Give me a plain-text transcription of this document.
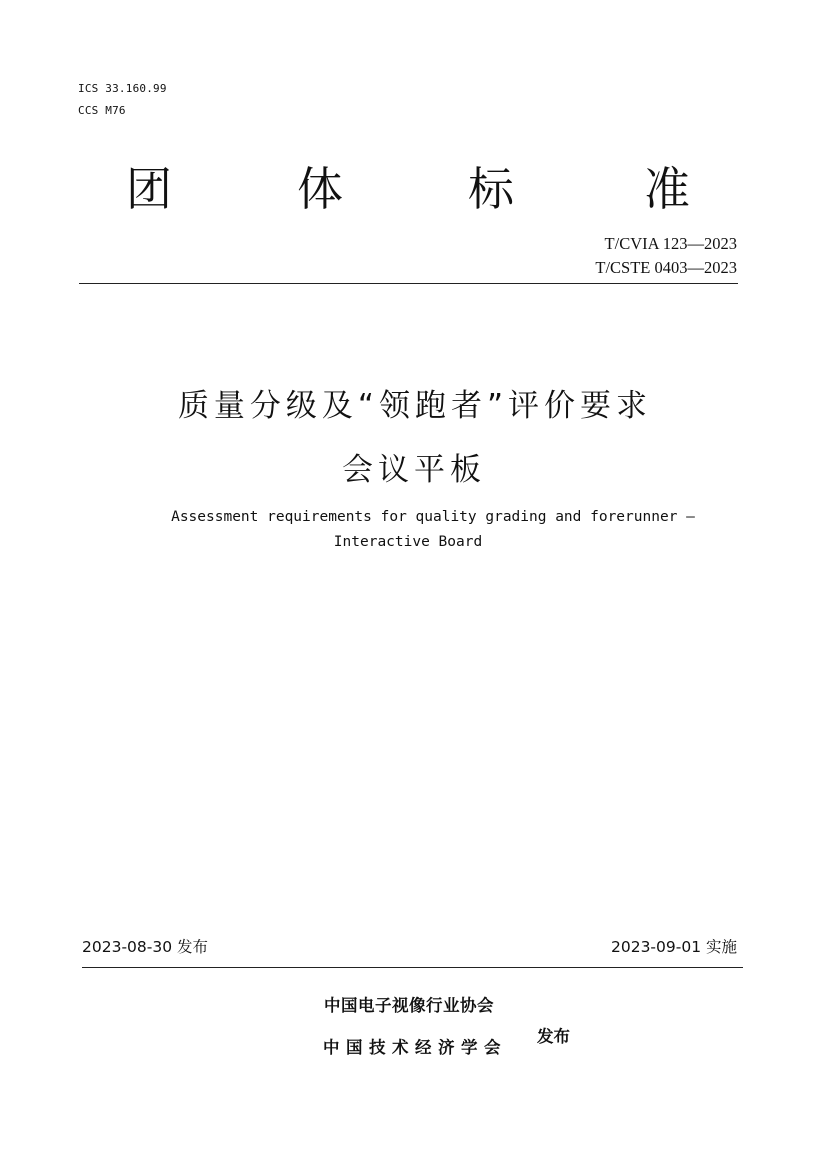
ICS 33.160.99
CCS M76
团	体	标	准
T/CVIA 123—2023
T/CSTE 0403—2023
质量分级及“领跑者”评价要求
会议平板
Assessment requirements for quality grading and forerunner —
Interactive Board
2023-08-30 发布	2023-09-01 实施
中国电子视像行业协会
中国技术经济学会
发布
